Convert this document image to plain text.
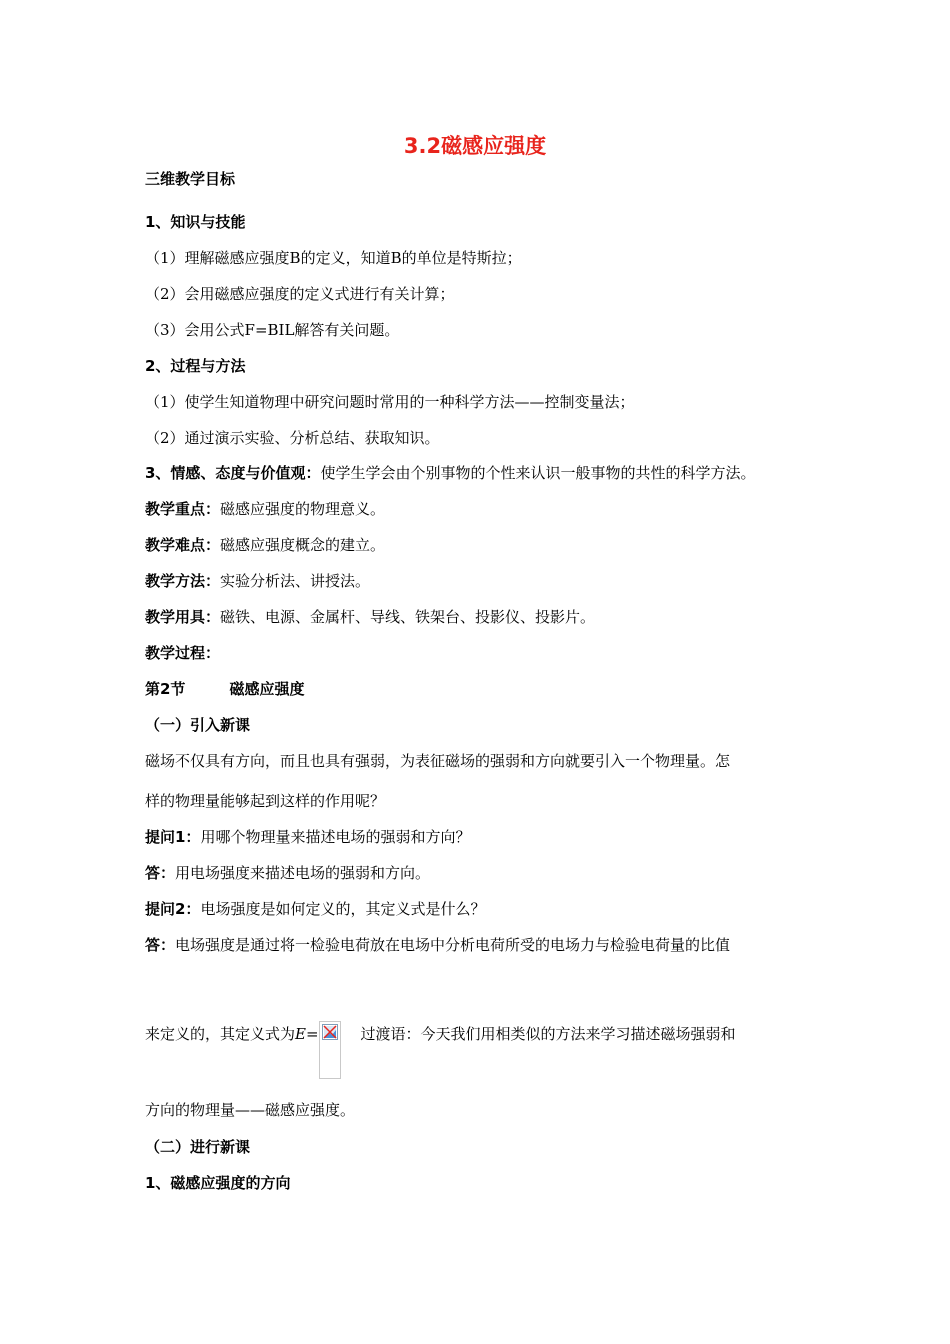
3.2磁感应强度
三维教学目标
1、知识与技能
（1）理解磁感应强度B的定义，知道B的单位是特斯拉；
（2）会用磁感应强度的定义式进行有关计算；
（3）会用公式F=BIL解答有关问题。
2、过程与方法
（1）使学生知道物理中研究问题时常用的一种科学方法——控制变量法；
（2）通过演示实验、分析总结、获取知识。
3、情感、态度与价值观：使学生学会由个别事物的个性来认识一般事物的共性的科学方法。
教学重点：磁感应强度的物理意义。
教学难点：磁感应强度概念的建立。
教学方法：实验分析法、讲授法。
教学用具：磁铁、电源、金属杆、导线、铁架台、投影仪、投影片。
教学过程：
第2节	磁感应强度
（一）引入新课
磁场不仅具有方向，而且也具有强弱，为表征磁场的强弱和方向就要引入一个物理量。怎
样的物理量能够起到这样的作用呢？
提问1：用哪个物理量来描述电场的强弱和方向？
答：用电场强度来描述电场的强弱和方向。
提问2：电场强度是如何定义的，其定义式是什么？
答：电场强度是通过将一检验电荷放在电场中分析电荷所受的电场力与检验电荷量的比值
来定义的，其定义式为E=	过渡语：今天我们用相类似的方法来学习描述磁场强弱和
方向的物理量——磁感应强度。
（二）进行新课
1、磁感应强度的方向
